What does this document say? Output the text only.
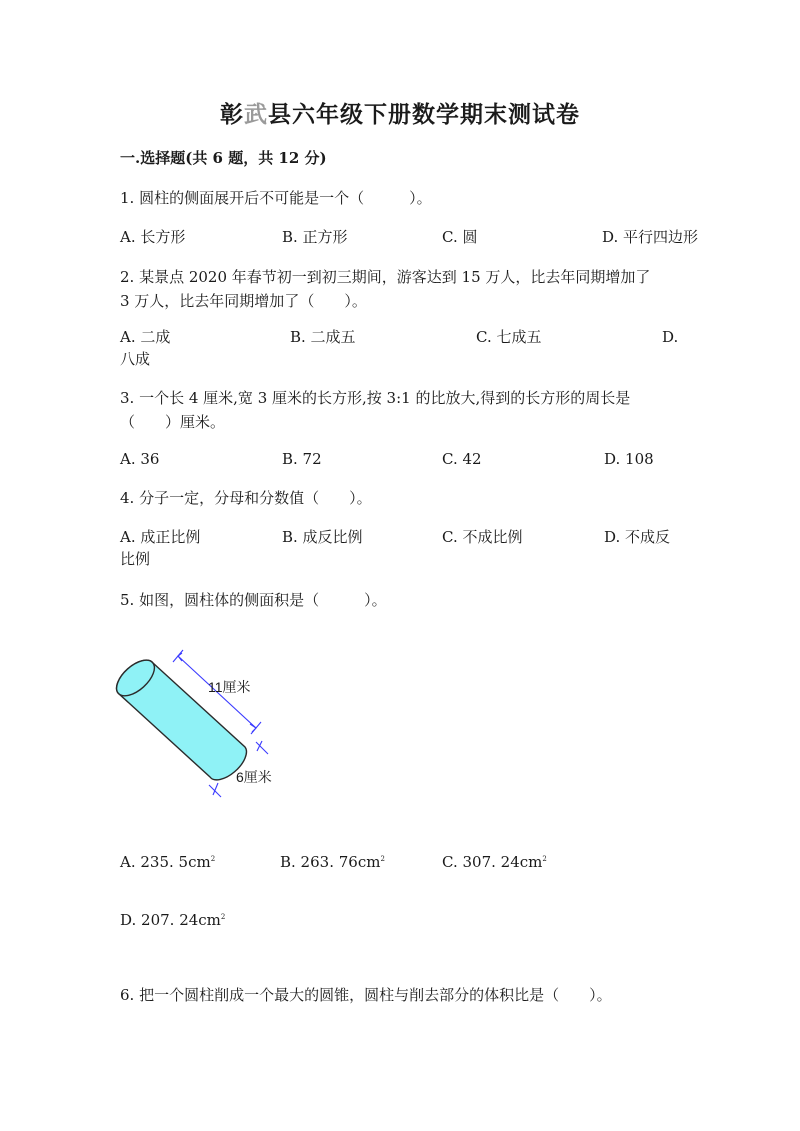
彰武县六年级下册数学期末测试卷

一.选择题(共 6 题，共 12 分)

1. 圆柱的侧面展开后不可能是一个（　　　）。
A. 长方形	B. 正方形	C. 圆	D. 平行四边形
2. 某景点 2020 年春节初一到初三期间，游客达到 15 万人，比去年同期增加了
3 万人，比去年同期增加了（　　）。
A. 二成	B. 二成五	C. 七成五	D.
八成
3. 一个长 4 厘米,宽 3 厘米的长方形,按 3:1 的比放大,得到的长方形的周长是
（　　）厘米。
A. 36	B. 72	C. 42	D. 108
4. 分子一定，分母和分数值（　　）。
A. 成正比例	B. 成反比例	C. 不成比例	D. 不成反
比例
5. 如图，圆柱体的侧面积是（　　　）。
11厘米
6厘米
A. 235. $5cm^2$	B. 263. $76cm^2$	C. 307. $24cm^2$
D. 207. $24cm^2$
6. 把一个圆柱削成一个最大的圆锥，圆柱与削去部分的体积比是（　　）。
